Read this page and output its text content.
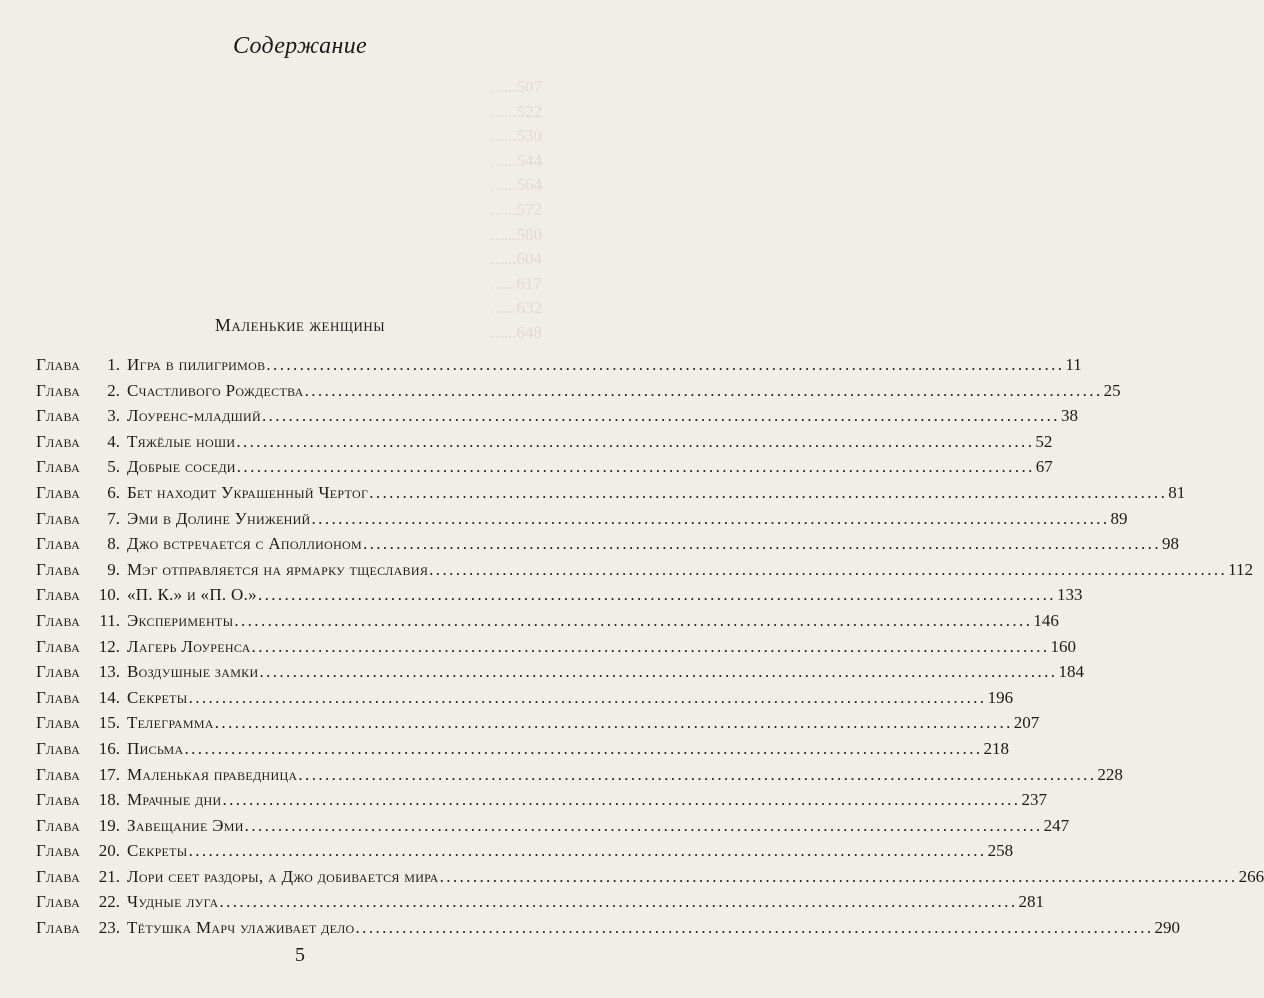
Содержание
......507
......522
......530
......544
......564
......572
......580
......604
......617
......632
......648
Маленькие женщины
Глава	1. Игра в пилигримов ........................................................................................................................ 11
Глава	2. Счастливого Рождества ........................................................................................................................ 25
Глава	3. Лоуренс-младший ........................................................................................................................ 38
Глава	4. Тяжёлые ноши ........................................................................................................................ 52
Глава	5. Добрые соседи ........................................................................................................................ 67
Глава	6. Бет находит Украшенный Чертог ........................................................................................................................ 81
Глава	7. Эми в Долине Унижений ........................................................................................................................ 89
Глава	8. Джо встречается с Аполлионом ........................................................................................................................ 98
Глава	9. Мэг отправляется на ярмарку тщеславия ........................................................................................................................ 112
Глава	10. «П. К.» и «П. О.» ........................................................................................................................ 133
Глава	11. Эксперименты ........................................................................................................................ 146
Глава	12. Лагерь Лоуренса ........................................................................................................................ 160
Глава	13. Воздушные замки ........................................................................................................................ 184
Глава	14. Секреты ........................................................................................................................ 196
Глава	15. Телеграмма ........................................................................................................................ 207
Глава	16. Письма ........................................................................................................................ 218
Глава	17. Маленькая праведница ........................................................................................................................ 228
Глава	18. Мрачные дни ........................................................................................................................ 237
Глава	19. Завещание Эми ........................................................................................................................ 247
Глава	20. Секреты ........................................................................................................................ 258
Глава	21. Лори сеет раздоры, а Джо добивается мира ........................................................................................................................ 266
Глава	22. Чудные луга ........................................................................................................................ 281
Глава	23. Тётушка Марч улаживает дело ........................................................................................................................ 290
5
